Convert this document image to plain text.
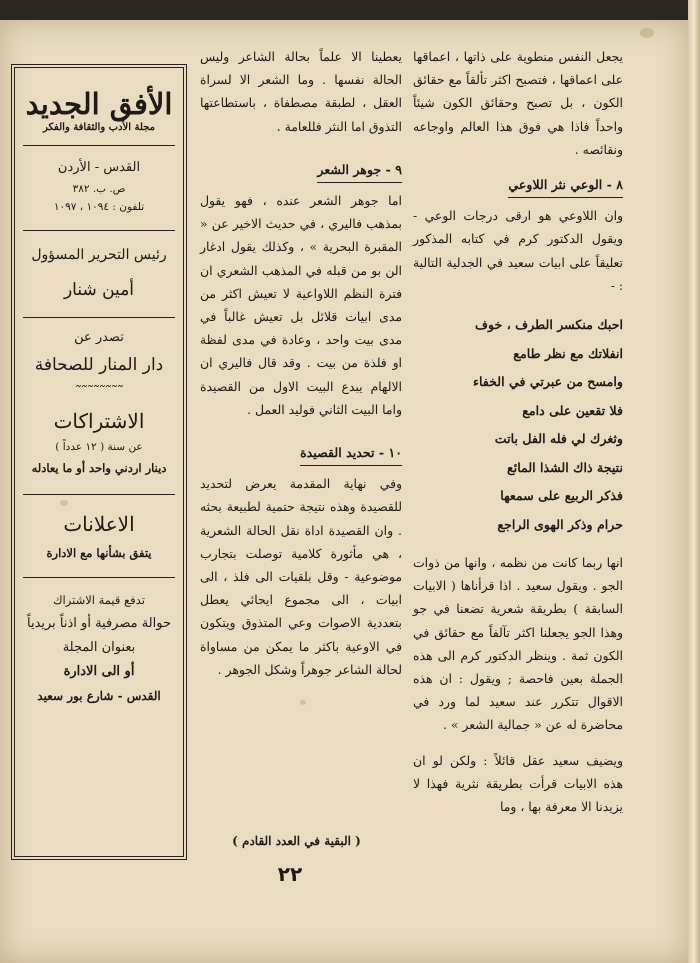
يجعل النفس منطوية على ذاتها ، اعماقها على اعماقها ، فتصبح اكثر تألقاً مع حقائق الكون ، بل تصبح وحقائق الكون شيئاً واحداً فاذا هي فوق هذا العالم واوجاعه ونقائصه .

٨ - الوعي نثر اللاوعي

وان اللاوعي هو ارقى درجات الوعي - ويقول الدكتور كرم في كتابه المذكور تعليقاً على ابيات سعيد في الجدلية التالية : -

احبك منكسر الطرف ، خوف

انفلاتك مع نظر طامع

وامسح من عبرتي في الخفاء

فلا تقعين على دامع

وثغرك لي فله الفل باتت

نتيجة ذاك الشذا المائع

فذكر الربيع على سمعها

حرام وذكر الهوى الراجع

انها ربما كانت من نظمه ، وانها من ذوات الجو . ويقول سعيد . اذا قرأناها ( الابيات السابقة ) بطريقة شعرية تضعنا في جو وهذا الجو يجعلنا اكثر تآلفاً مع حقائق في الكون ثمة . وينظر الدكتور كرم الى هذه الجملة بعين فاحصة ; ويقول : ان هذه الاقوال تتكرر عند سعيد لما ورد في محاضرة له عن « جمالية الشعر » .

ويضيف سعيد عقل قائلاً : ولكن لو ان هذه الابيات قرأت بطريقة نثرية فهذا لا يزيدنا الا معرفة بها ، وما

يعطينا الا علماً بحالة الشاعر وليس الحالة نفسها . وما الشعر الا لسراة العقل ، لطبقة مصطفاة ، باستطاعتها التذوق اما النثر فللعامة .

٩ - جوهر الشعر

اما جوهر الشعر عنده ، فهو يقول بمذهب فاليري ، في حديث الاخير عن « المقبرة البحرية » ، وكذلك يقول ادغار الن بو من قبله في المذهب الشعري ان فترة النظم اللاواعية لا تعيش اكثر من مدى ابيات قلائل بل تعيش غالباً في مدى بيت واحد ، وعادة في مدى لفظة او فلذة من بيت . وقد قال فاليري ان الالهام يبدع البيت الاول من القصيدة واما البيت الثاني فوليد العمل .

١٠ - تحديد القصيدة

وفي نهاية المقدمة يعرض لتحديد للقصيدة وهذه نتيجة حتمية لطبيعة بحثه . وان القصيدة اداة نقل الحالة الشعرية ، هي مأثورة كلامية توصلت بتجارب موضوعية - وقل بلقيات الى فلذ ، الى ابيات ، الى مجموع ايحائي يعطل بتعددية الاصوات وعي المتذوق ويتكون في الاوعية باكثر ما يمكن من مساواة لحالة الشاعر جوهراً وشكل الجوهر .

( البقية في العدد القادم )
٢٢
الأفق الجديد
مجلة الأدب والثقافة والفكر
القدس - الأردن
ص. ب. ٣٨٢
تلفون : ١٠٩٤ ، ١٠٩٧
رئيس التحرير المسؤول
أمين شنار
تصدر عن
دار المنار للصحافة
˜˜˜˜˜˜˜˜
الاشتراكات
عن سنة ( ١٢ عدداً )
دينار اردني واحد أو ما يعادله
الاعلانات
يتفق بشأنها مع الادارة
تدفع قيمة الاشتراك
حوالة مصرفية أو اذناً بريدياً
بعنوان المجلة
أو الى الادارة
القدس - شارع بور سعيد
